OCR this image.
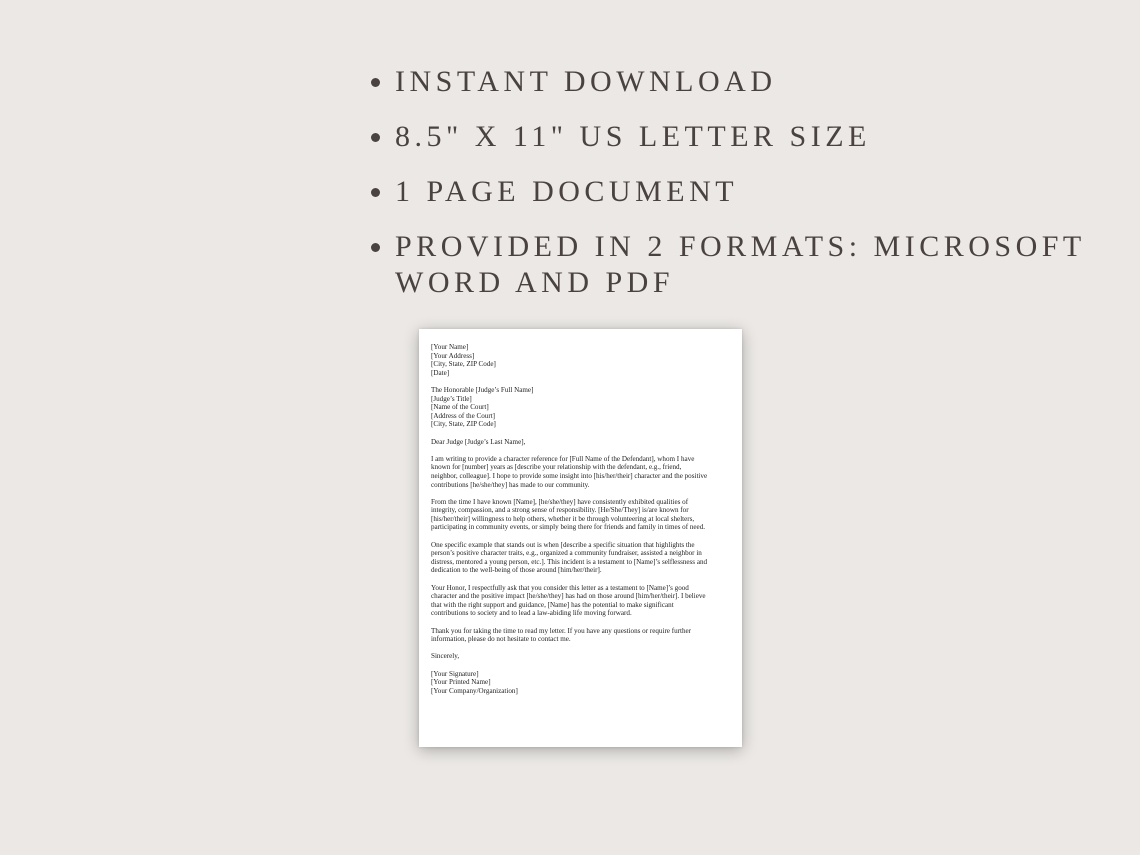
INSTANT DOWNLOAD
8.5" X 11" US LETTER SIZE
1 PAGE DOCUMENT
PROVIDED IN 2 FORMATS: MICROSOFT WORD AND PDF
[Your Name]
[Your Address]
[City, State, ZIP Code]
[Date]
The Honorable [Judge’s Full Name]
[Judge’s Title]
[Name of the Court]
[Address of the Court]
[City, State, ZIP Code]
Dear Judge [Judge’s Last Name],
I am writing to provide a character reference for [Full Name of the Defendant], whom I have
known for [number] years as [describe your relationship with the defendant, e.g., friend,
neighbor, colleague]. I hope to provide some insight into [his/her/their] character and the positive
contributions [he/she/they] has made to our community.
From the time I have known [Name], [he/she/they] have consistently exhibited qualities of
integrity, compassion, and a strong sense of responsibility. [He/She/They] is/are known for
[his/her/their] willingness to help others, whether it be through volunteering at local shelters,
participating in community events, or simply being there for friends and family in times of need.
One specific example that stands out is when [describe a specific situation that highlights the
person’s positive character traits, e.g., organized a community fundraiser, assisted a neighbor in
distress, mentored a young person, etc.]. This incident is a testament to [Name]’s selflessness and
dedication to the well-being of those around [him/her/their].
Your Honor, I respectfully ask that you consider this letter as a testament to [Name]’s good
character and the positive impact [he/she/they] has had on those around [him/her/their]. I believe
that with the right support and guidance, [Name] has the potential to make significant
contributions to society and to lead a law-abiding life moving forward.
Thank you for taking the time to read my letter. If you have any questions or require further
information, please do not hesitate to contact me.
Sincerely,
[Your Signature]
[Your Printed Name]
[Your Company/Organization]
